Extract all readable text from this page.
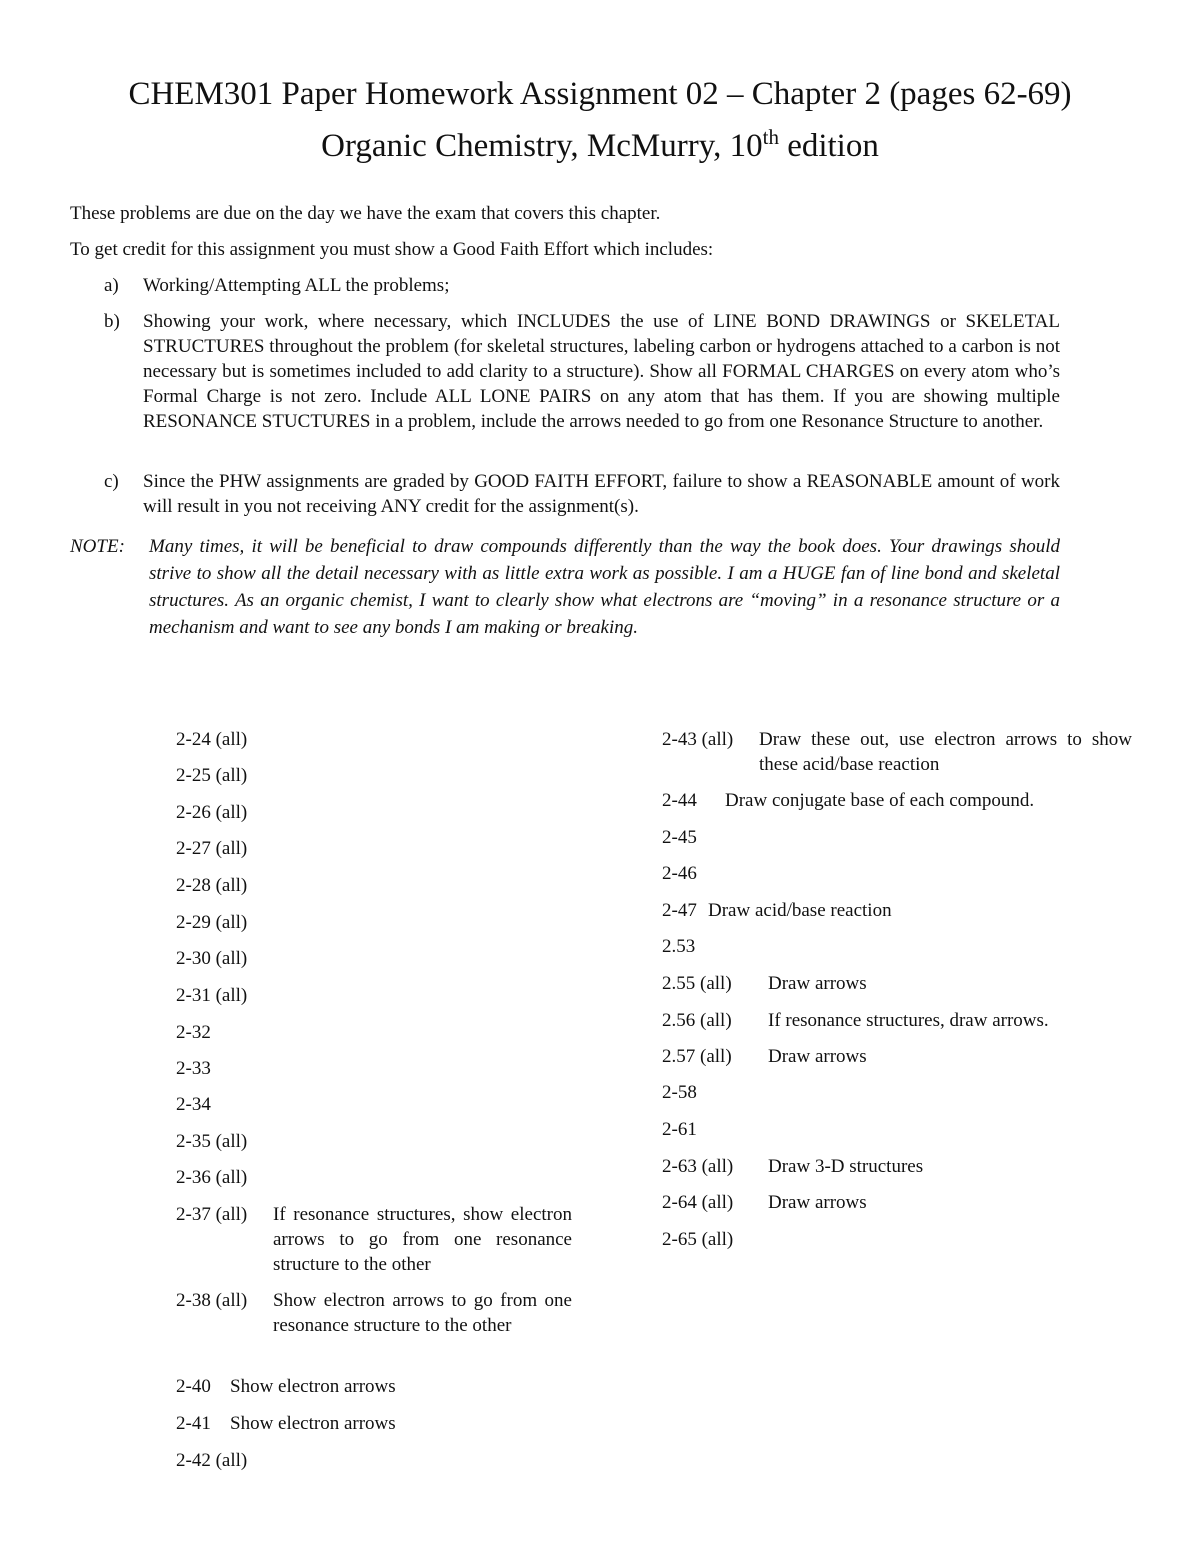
CHEM301 Paper Homework Assignment 02 – Chapter 2 (pages 62-69)
Organic Chemistry, McMurry, 10th edition

These problems are due on the day we have the exam that covers this chapter.

To get credit for this assignment you must show a Good Faith Effort which includes:

a)	Working/Attempting ALL the problems;
b)	Showing your work, where necessary, which INCLUDES the use of LINE BOND DRAWINGS or SKELETAL STRUCTURES throughout the problem (for skeletal structures, labeling carbon or hydrogens attached to a carbon is not necessary but is sometimes included to add clarity to a structure). Show all FORMAL CHARGES on every atom who’s Formal Charge is not zero. Include ALL LONE PAIRS on any atom that has them. If you are showing multiple RESONANCE STUCTURES in a problem, include the arrows needed to go from one Resonance Structure to another.
c)	Since the PHW assignments are graded by GOOD FAITH EFFORT, failure to show a REASONABLE amount of work will result in you not receiving ANY credit for the assignment(s).
NOTE: Many times, it will be beneficial to draw compounds differently than the way the book does. Your drawings should strive to show all the detail necessary with as little extra work as possible. I am a HUGE fan of line bond and skeletal structures. As an organic chemist, I want to clearly show what electrons are “moving” in a resonance structure or a mechanism and want to see any bonds I am making or breaking.
2-24 (all)
2-25 (all)
2-26 (all)
2-27 (all)
2-28 (all)
2-29 (all)
2-30 (all)
2-31 (all)
2-32
2-33
2-34
2-35 (all)
2-36 (all)
2-37 (all) If resonance structures, show electron arrows to go from one resonance structure to the other
2-38 (all) Show electron arrows to go from one resonance structure to the other
2-40 Show electron arrows
2-41 Show electron arrows
2-42 (all)
2-43 (all) Draw these out, use electron arrows to show these acid/base reaction
2-44 Draw conjugate base of each compound.
2-45
2-46
2-47 Draw acid/base reaction
2.53
2.55 (all) Draw arrows
2.56 (all) If resonance structures, draw arrows.
2.57 (all) Draw arrows
2-58
2-61
2-63 (all) Draw 3-D structures
2-64 (all) Draw arrows
2-65 (all)
